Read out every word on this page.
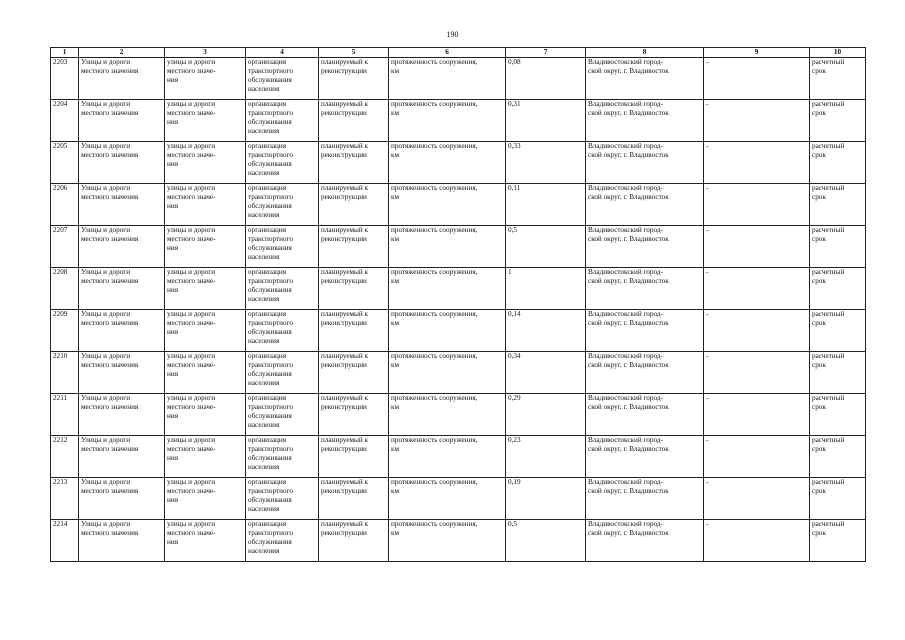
190
1	2	3	4	5	6	7	8	9	10

2203	Улицы и дороги
местного значения	улицы и дороги
местного значе-
ния	организация
транспортного
обслуживания
населения	планируемый к
реконструкции	протяженность сооружения,
км	0,08	Владивостокский город-
ской округ, г. Владивосток	-	расчетный
срок

2204	Улицы и дороги
местного значения	улицы и дороги
местного значе-
ния	организация
транспортного
обслуживания
населения	планируемый к
реконструкции	протяженность сооружения,
км	0,31	Владивостокский город-
ской округ, г. Владивосток	-	расчетный
срок

2205	Улицы и дороги
местного значения	улицы и дороги
местного значе-
ния	организация
транспортного
обслуживания
населения	планируемый к
реконструкции	протяженность сооружения,
км	0,33	Владивостокский город-
ской округ, г. Владивосток	-	расчетный
срок

2206	Улицы и дороги
местного значения	улицы и дороги
местного значе-
ния	организация
транспортного
обслуживания
населения	планируемый к
реконструкции	протяженность сооружения,
км	0,11	Владивостокский город-
ской округ, г. Владивосток	-	расчетный
срок

2207	Улицы и дороги
местного значения	улицы и дороги
местного значе-
ния	организация
транспортного
обслуживания
населения	планируемый к
реконструкции	протяженность сооружения,
км	0,5	Владивостокский город-
ской округ, г. Владивосток	-	расчетный
срок

2208	Улицы и дороги
местного значения	улицы и дороги
местного значе-
ния	организация
транспортного
обслуживания
населения	планируемый к
реконструкции	протяженность сооружения,
км	1	Владивостокский город-
ской округ, г. Владивосток	-	расчетный
срок

2209	Улицы и дороги
местного значения	улицы и дороги
местного значе-
ния	организация
транспортного
обслуживания
населения	планируемый к
реконструкции	протяженность сооружения,
км	0,14	Владивостокский город-
ской округ, г. Владивосток	-	расчетный
срок

2210	Улицы и дороги
местного значения	улицы и дороги
местного значе-
ния	организация
транспортного
обслуживания
населения	планируемый к
реконструкции	протяженность сооружения,
км	0,34	Владивостокский город-
ской округ, г. Владивосток	-	расчетный
срок

2211	Улицы и дороги
местного значения	улицы и дороги
местного значе-
ния	организация
транспортного
обслуживания
населения	планируемый к
реконструкции	протяженность сооружения,
км	0,29	Владивостокский город-
ской округ, г. Владивосток	-	расчетный
срок

2212	Улицы и дороги
местного значения	улицы и дороги
местного значе-
ния	организация
транспортного
обслуживания
населения	планируемый к
реконструкции	протяженность сооружения,
км	0,23	Владивостокский город-
ской округ, г. Владивосток	-	расчетный
срок

2213	Улицы и дороги
местного значения	улицы и дороги
местного значе-
ния	организация
транспортного
обслуживания
населения	планируемый к
реконструкции	протяженность сооружения,
км	0,19	Владивостокский город-
ской округ, г. Владивосток	-	расчетный
срок

2214	Улицы и дороги
местного значения	улицы и дороги
местного значе-
ния	организация
транспортного
обслуживания
населения	планируемый к
реконструкции	протяженность сооружения,
км	0,5	Владивостокский город-
ской округ, г. Владивосток	-	расчетный
срок
